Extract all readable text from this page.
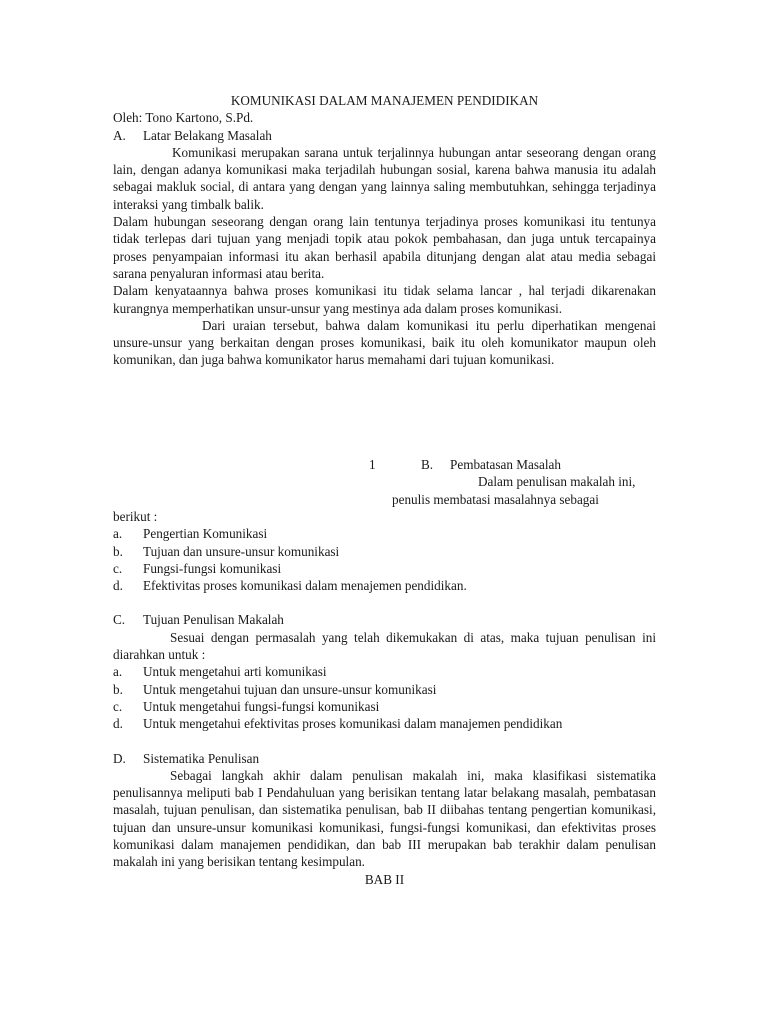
KOMUNIKASI DALAM MANAJEMEN PENDIDIKAN

Oleh: Tono Kartono, S.Pd.

A.	Latar Belakang Masalah

Komunikasi merupakan sarana untuk terjalinnya hubungan antar seseorang dengan orang lain, dengan adanya komunikasi maka terjadilah hubungan sosial, karena bahwa manusia itu adalah sebagai makluk social, di antara yang dengan yang lainnya saling membutuhkan, sehingga terjadinya interaksi yang timbalk balik.

Dalam hubungan seseorang dengan orang lain tentunya terjadinya proses komunikasi itu tentunya tidak terlepas dari tujuan yang menjadi topik atau pokok pembahasan, dan juga untuk tercapainya proses penyampaian informasi itu akan berhasil apabila ditunjang dengan alat atau media sebagai sarana penyaluran informasi atau berita.

Dalam kenyataannya bahwa proses komunikasi itu tidak selama lancar , hal terjadi dikarenakan kurangnya memperhatikan unsur-unsur yang mestinya ada dalam proses komunikasi.

Dari uraian tersebut, bahwa dalam komunikasi itu perlu diperhatikan mengenai unsure-unsur yang berkaitan dengan proses komunikasi, baik itu oleh komunikator maupun oleh komunikan, dan juga bahwa komunikator harus memahami dari tujuan komunikasi.

1	B. Pembatasan Masalah
Dalam penulisan makalah ini,
penulis membatasi masalahnya sebagai

berikut :

a.	Pengertian Komunikasi
b.	Tujuan dan unsure-unsur komunikasi
c.	Fungsi-fungsi komunikasi
d.	Efektivitas proses komunikasi dalam menajemen pendidikan.
C.	Tujuan Penulisan Makalah

Sesuai dengan permasalah yang telah dikemukakan di atas, maka tujuan penulisan ini diarahkan untuk :

a.	Untuk mengetahui arti komunikasi
b.	Untuk mengetahui tujuan dan unsure-unsur komunikasi
c.	Untuk mengetahui fungsi-fungsi komunikasi
d.	Untuk mengetahui efektivitas proses komunikasi dalam manajemen pendidikan
D.	Sistematika Penulisan

Sebagai langkah akhir dalam penulisan makalah ini, maka klasifikasi sistematika penulisannya meliputi bab I Pendahuluan yang berisikan tentang latar belakang masalah, pembatasan masalah, tujuan penulisan, dan sistematika penulisan, bab II diibahas tentang pengertian komunikasi, tujuan dan unsure-unsur komunikasi komunikasi, fungsi-fungsi komunikasi, dan efektivitas proses komunikasi dalam manajemen pendidikan, dan bab III merupakan bab terakhir dalam penulisan makalah ini yang berisikan tentang kesimpulan.

BAB II
